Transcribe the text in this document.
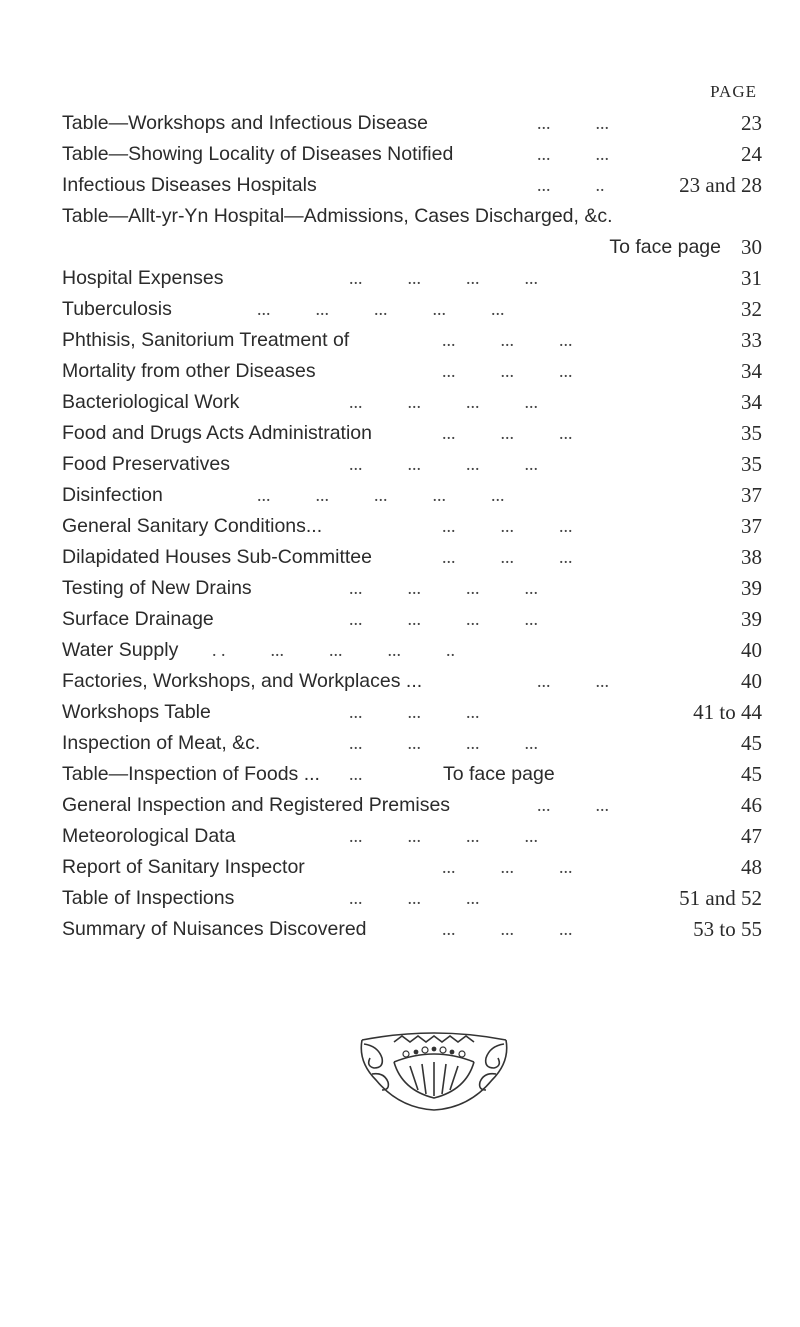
PAGE
Table—Workshops and Infectious Disease	...          ...	23
Table—Showing Locality of Diseases Notified	...          ...	24
Infectious Diseases Hospitals	...          ..	23 and 28
Table—Allt-yr-Yn Hospital—Admissions, Cases Discharged, &c.
To face page 30
Hospital Expenses	...          ...          ...          ...	31
Tuberculosis	...          ...          ...          ...          ...	32
Phthisis, Sanitorium Treatment of	...          ...          ...	33
Mortality from other Diseases	...          ...          ...	34
Bacteriological Work	...          ...          ...          ...	34
Food and Drugs Acts Administration	...          ...          ...	35
Food Preservatives	...          ...          ...          ...	35
Disinfection	...          ...          ...          ...          ...	37
General Sanitary Conditions...	...          ...          ...	37
Dilapidated Houses Sub-Committee	...          ...          ...	38
Testing of New Drains	...          ...          ...          ...	39
Surface Drainage	...          ...          ...          ...	39
Water Supply . .          ...          ...          ...          ..	40
Factories, Workshops, and Workplaces ...	...          ...	40
Workshops Table	...          ...          ...	41 to 44
Inspection of Meat, &c.	...          ...          ...          ...	45
Table—Inspection of Foods ... ...	To face page	45
General Inspection and Registered Premises	...          ...	46
Meteorological Data	...          ...          ...          ...	47
Report of Sanitary Inspector	...          ...          ...	48
Table of Inspections	...          ...          ...	51 and 52
Summary of Nuisances Discovered	...          ...          ...	53 to 55
